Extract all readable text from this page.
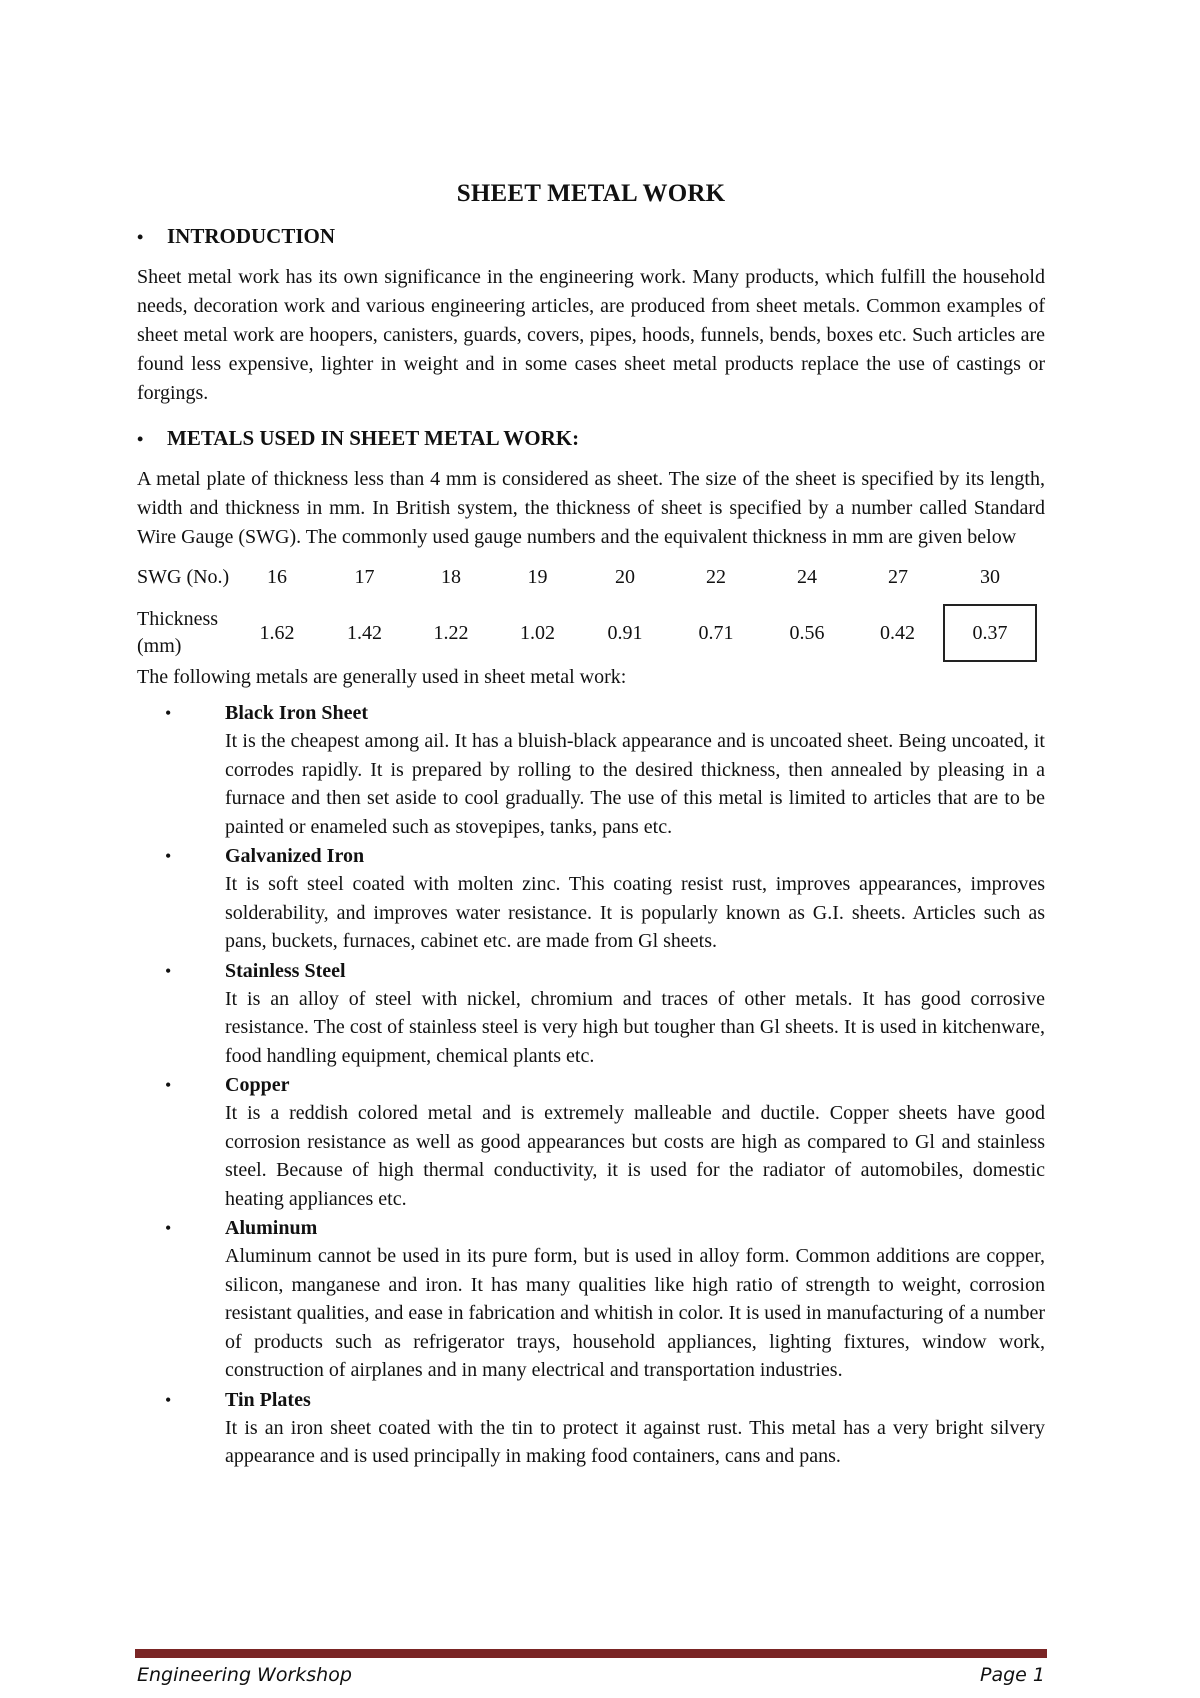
SHEET METAL WORK
•	INTRODUCTION

Sheet metal work has its own significance in the engineering work. Many products, which fulfill the household needs, decoration work and various engineering articles, are produced from sheet metals. Common examples of sheet metal work are hoopers, canisters, guards, covers, pipes, hoods, funnels, bends, boxes etc. Such articles are found less expensive, lighter in weight and in some cases sheet metal products replace the use of castings or forgings.

•	METALS USED IN SHEET METAL WORK:

A metal plate of thickness less than 4 mm is considered as sheet. The size of the sheet is specified by its length, width and thickness in mm. In British system, the thickness of sheet is specified by a number called Standard Wire Gauge (SWG). The commonly used gauge numbers and the equivalent thickness in mm are given below

SWG (No.)	16	17	18	19	20	22	24	27	30
Thickness (mm)	1.62	1.42	1.22	1.02	0.91	0.71	0.56	0.42	0.37
The following metals are generally used in sheet metal work:
•	Black Iron Sheet

It is the cheapest among ail. It has a bluish-black appearance and is uncoated sheet. Being uncoated, it corrodes rapidly. It is prepared by rolling to the desired thickness, then annealed by pleasing in a furnace and then set aside to cool gradually. The use of this metal is limited to articles that are to be painted or enameled such as stovepipes, tanks, pans etc.

•	Galvanized Iron

It is soft steel coated with molten zinc. This coating resist rust, improves appearances, improves solderability, and improves water resistance. It is popularly known as G.I. sheets. Articles such as pans, buckets, furnaces, cabinet etc. are made from Gl sheets.

•	Stainless Steel

It is an alloy of steel with nickel, chromium and traces of other metals. It has good corrosive resistance. The cost of stainless steel is very high but tougher than Gl sheets. It is used in kitchenware, food handling equipment, chemical plants etc.

•	Copper

It is a reddish colored metal and is extremely malleable and ductile. Copper sheets have good corrosion resistance as well as good appearances but costs are high as compared to Gl and stainless steel. Because of high thermal conductivity, it is used for the radiator of automobiles, domestic heating appliances etc.

•	Aluminum

Aluminum cannot be used in its pure form, but is used in alloy form. Common additions are copper, silicon, manganese and iron. It has many qualities like high ratio of strength to weight, corrosion resistant qualities, and ease in fabrication and whitish in color. It is used in manufacturing of a number of products such as refrigerator trays, household appliances, lighting fixtures, window work, construction of airplanes and in many electrical and transportation industries.

•	Tin Plates

It is an iron sheet coated with the tin to protect it against rust. This metal has a very bright silvery appearance and is used principally in making food containers, cans and pans.

Engineering Workshop	Page 1
